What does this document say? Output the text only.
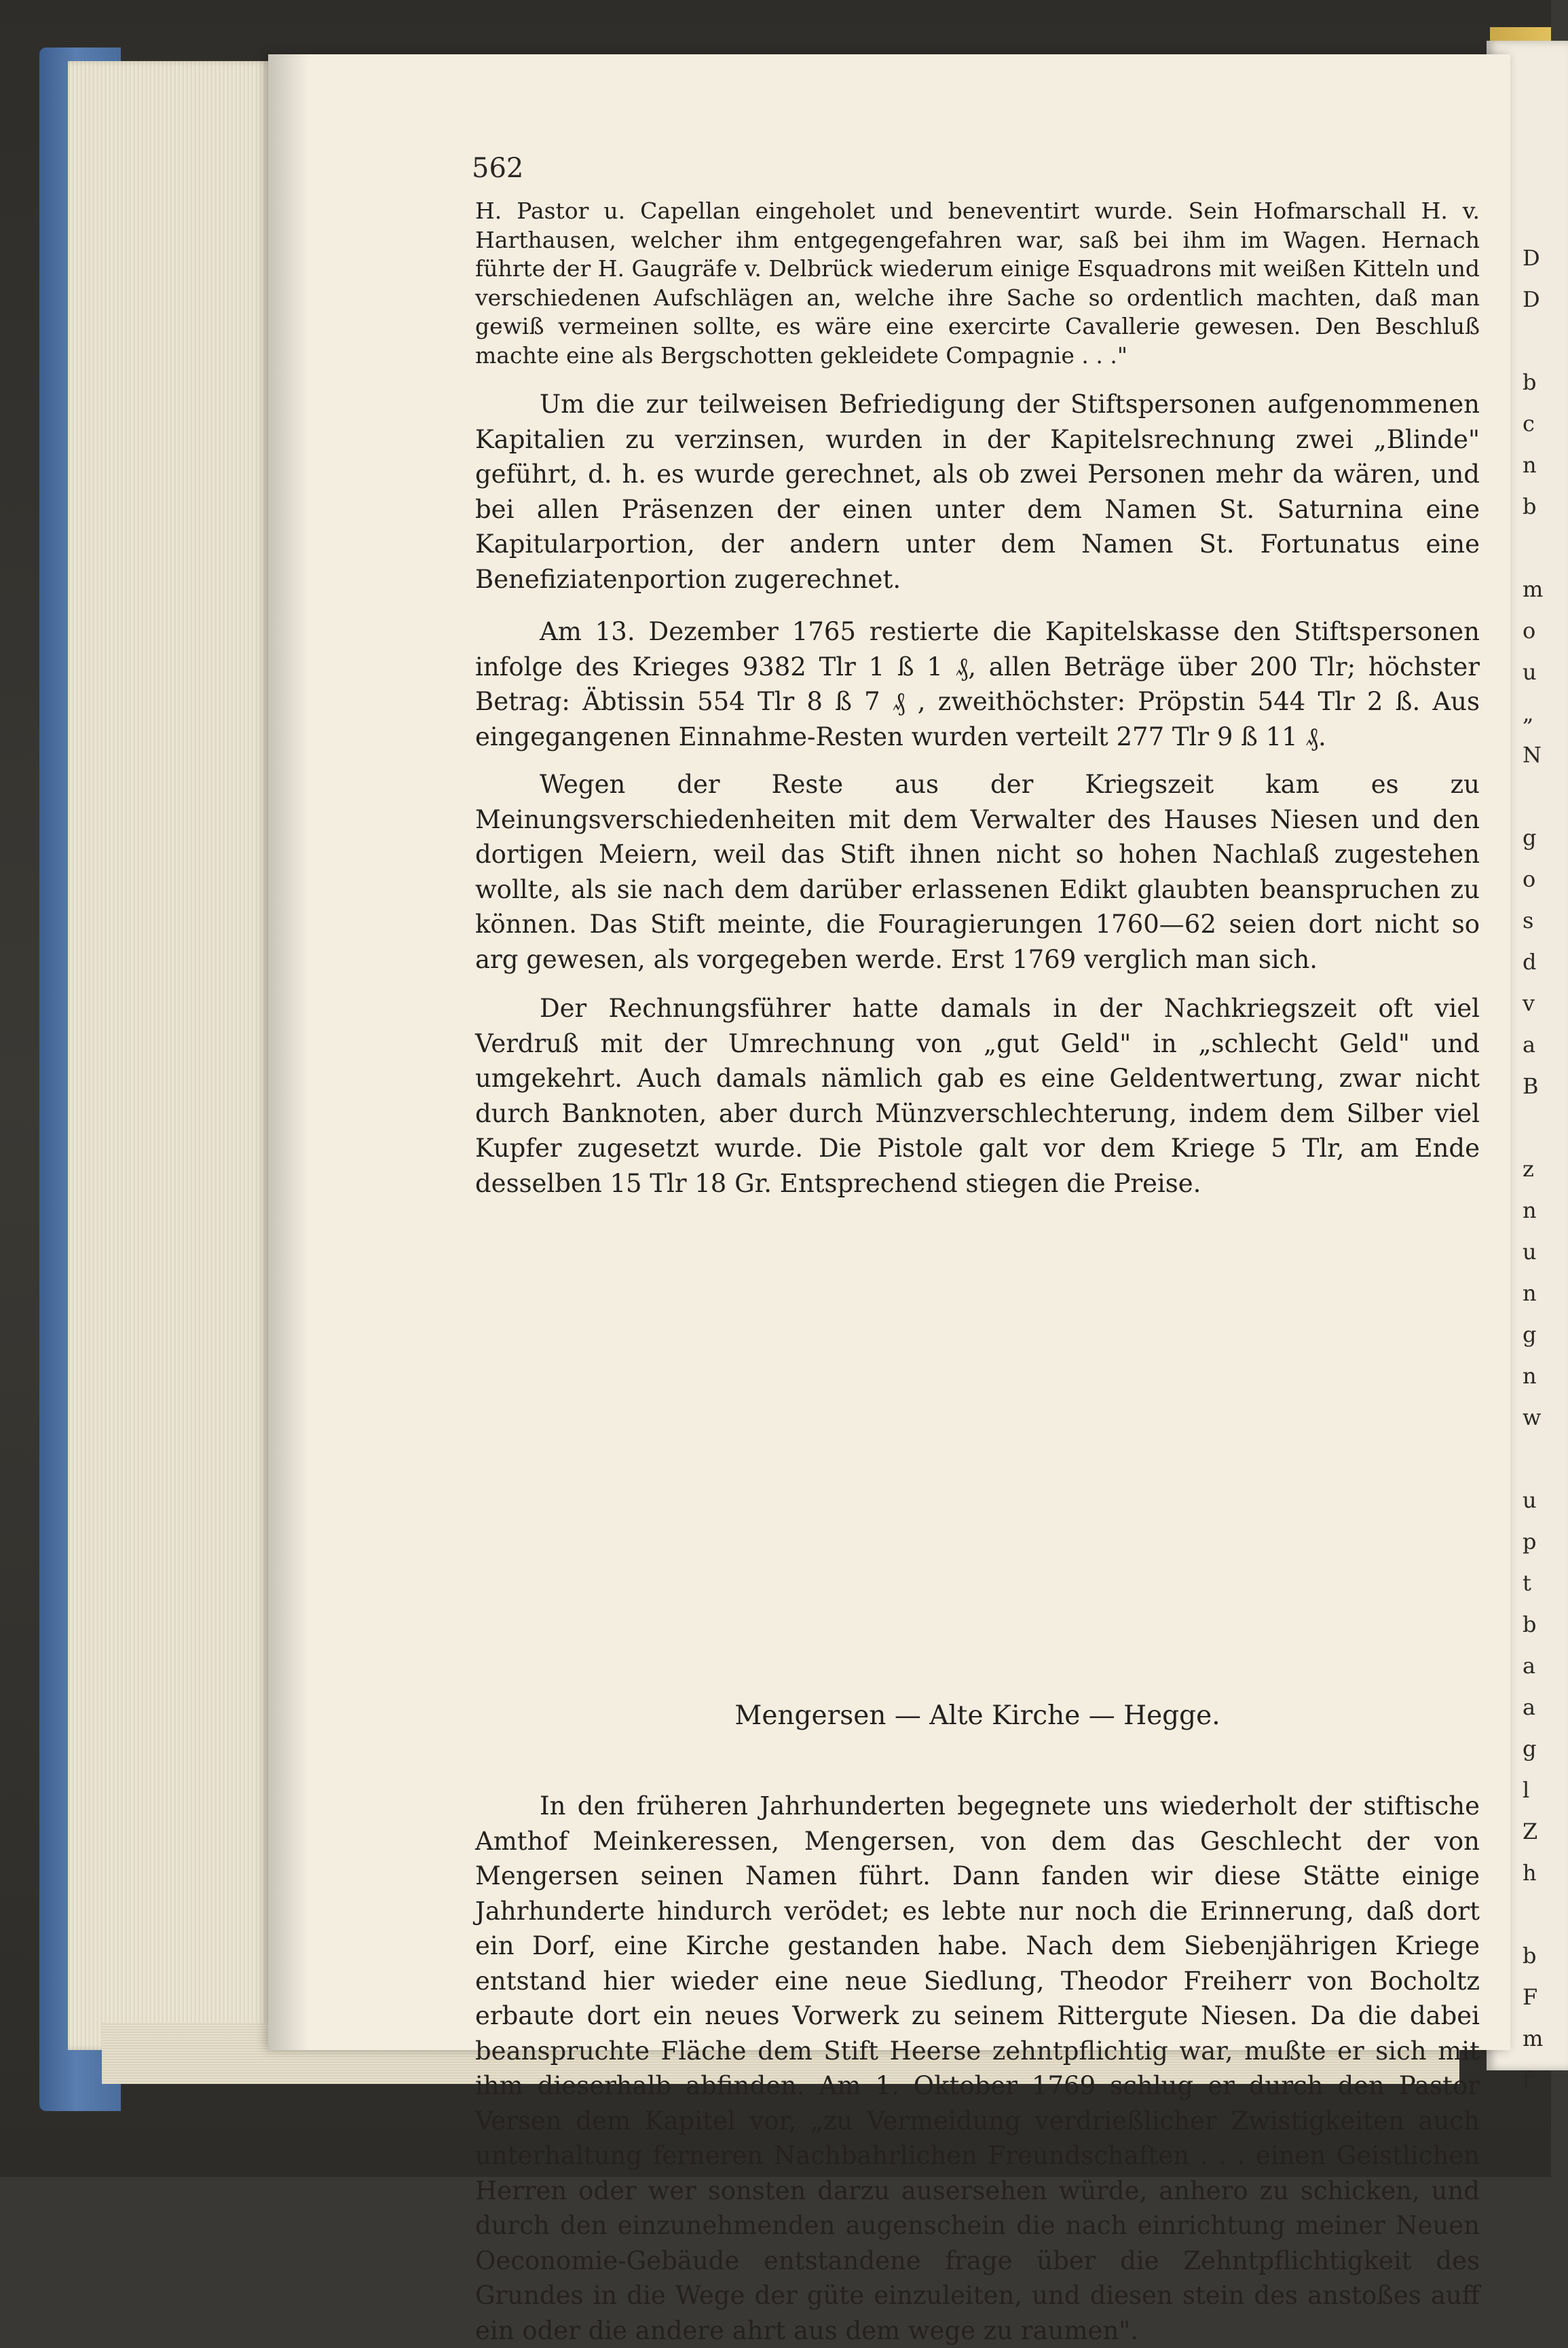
D
D

b
c
n
b

m
o
u
„
N

g
o
s
d
v
a
B

z
n
u
n
g
n
w

u
p
t
b
a
a
g
l
Z
h

b
F
m
f
562

H. Pastor u. Capellan eingeholet und beneventirt wurde. Sein Hofmarschall H. v. Harthausen, welcher ihm entgegengefahren war, saß bei ihm im Wagen. Hernach führte der H. Gaugräfe v. Delbrück wiederum einige Esquadrons mit weißen Kitteln und verschiedenen Aufschlägen an, welche ihre Sache so ordentlich machten, daß man gewiß vermeinen sollte, es wäre eine exercirte Cavallerie gewesen. Den Beschluß machte eine als Bergschotten gekleidete Compagnie . . ."

Um die zur teilweisen Befriedigung der Stiftspersonen aufgenommenen Kapitalien zu verzinsen, wurden in der Kapitelsrechnung zwei „Blinde" geführt, d. h. es wurde gerechnet, als ob zwei Personen mehr da wären, und bei allen Präsenzen der einen unter dem Namen St. Saturnina eine Kapitularportion, der andern unter dem Namen St. Fortunatus eine Benefiziatenportion zugerechnet.

Am 13. Dezember 1765 restierte die Kapitelskasse den Stiftspersonen infolge des Krieges 9382 Tlr 1 ß 1 ₰, allen Beträge über 200 Tlr; höchster Betrag: Äbtissin 554 Tlr 8 ß 7 ₰ , zweithöchster: Pröpstin 544 Tlr 2 ß. Aus eingegangenen Einnahme-Resten wurden verteilt 277 Tlr 9 ß 11 ₰.

Wegen der Reste aus der Kriegszeit kam es zu Meinungsverschiedenheiten mit dem Verwalter des Hauses Niesen und den dortigen Meiern, weil das Stift ihnen nicht so hohen Nachlaß zugestehen wollte, als sie nach dem darüber erlassenen Edikt glaubten beanspruchen zu können. Das Stift meinte, die Fouragierungen 1760—62 seien dort nicht so arg gewesen, als vorgegeben werde. Erst 1769 verglich man sich.

Der Rechnungsführer hatte damals in der Nachkriegszeit oft viel Verdruß mit der Umrechnung von „gut Geld" in „schlecht Geld" und umgekehrt. Auch damals nämlich gab es eine Geldentwertung, zwar nicht durch Banknoten, aber durch Münzverschlechterung, indem dem Silber viel Kupfer zugesetzt wurde. Die Pistole galt vor dem Kriege 5 Tlr, am Ende desselben 15 Tlr 18 Gr. Entsprechend stiegen die Preise.

Mengersen — Alte Kirche — Hegge.

In den früheren Jahrhunderten begegnete uns wiederholt der stiftische Amthof Meinkeressen, Mengersen, von dem das Geschlecht der von Mengersen seinen Namen führt. Dann fanden wir diese Stätte einige Jahrhunderte hindurch verödet; es lebte nur noch die Erinnerung, daß dort ein Dorf, eine Kirche gestanden habe. Nach dem Siebenjährigen Kriege entstand hier wieder eine neue Siedlung, Theodor Freiherr von Bocholtz erbaute dort ein neues Vorwerk zu seinem Rittergute Niesen. Da die dabei beanspruchte Fläche dem Stift Heerse zehntpflichtig war, mußte er sich mit ihm dieserhalb abfinden. Am 1. Oktober 1769 schlug er durch den Pastor Versen dem Kapitel vor, „zu Vermeidung verdrießlicher Zwistigkeiten auch unterhaltung ferneren Nachbahrlichen Freundschaften . . . einen Geistlichen Herren oder wer sonsten darzu ausersehen würde, anhero zu schicken, und durch den einzunehmenden augenschein die nach einrichtung meiner Neuen Oeconomie-Gebäude entstandene frage über die Zehntpflichtigkeit des Grundes in die Wege der güte einzuleiten, und diesen stein des anstoßes auff ein oder die andere ahrt aus dem wege zu raumen".
